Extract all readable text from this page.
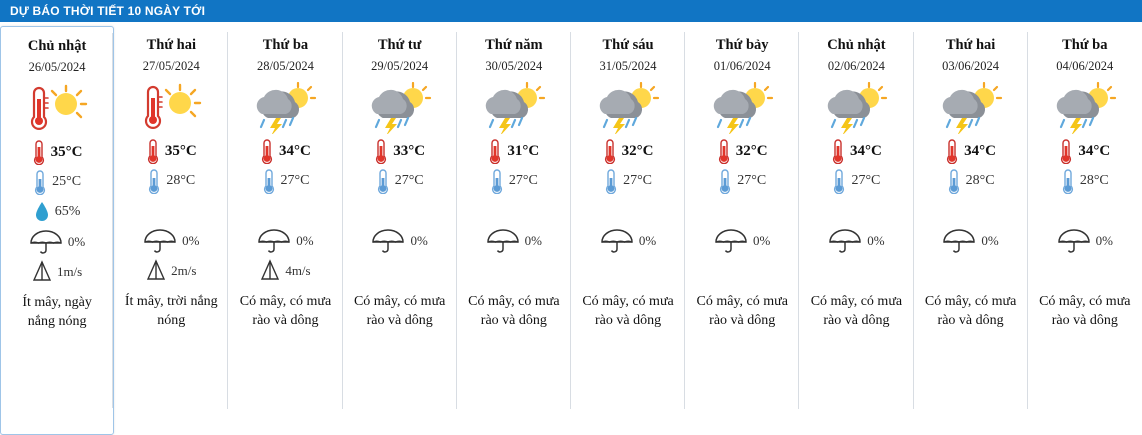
DỰ BÁO THỜI TIẾT 10 NGÀY TỚI
Chủ nhật
26/05/2024
35°C
25°C
65%
0%
1m/s
Ít mây, ngày nắng nóng
Thứ hai
27/05/2024
35°C
28°C
0%
2m/s
Ít mây, trời nắng nóng
Thứ ba
28/05/2024
34°C
27°C
0%
4m/s
Có mây, có mưa rào và dông
Thứ tư
29/05/2024
33°C
27°C
0%
Có mây, có mưa rào và dông
Thứ năm
30/05/2024
31°C
27°C
0%
Có mây, có mưa rào và dông
Thứ sáu
31/05/2024
32°C
27°C
0%
Có mây, có mưa rào và dông
Thứ bảy
01/06/2024
32°C
27°C
0%
Có mây, có mưa rào và dông
Chủ nhật
02/06/2024
34°C
27°C
0%
Có mây, có mưa rào và dông
Thứ hai
03/06/2024
34°C
28°C
0%
Có mây, có mưa rào và dông
Thứ ba
04/06/2024
34°C
28°C
0%
Có mây, có mưa rào và dông
